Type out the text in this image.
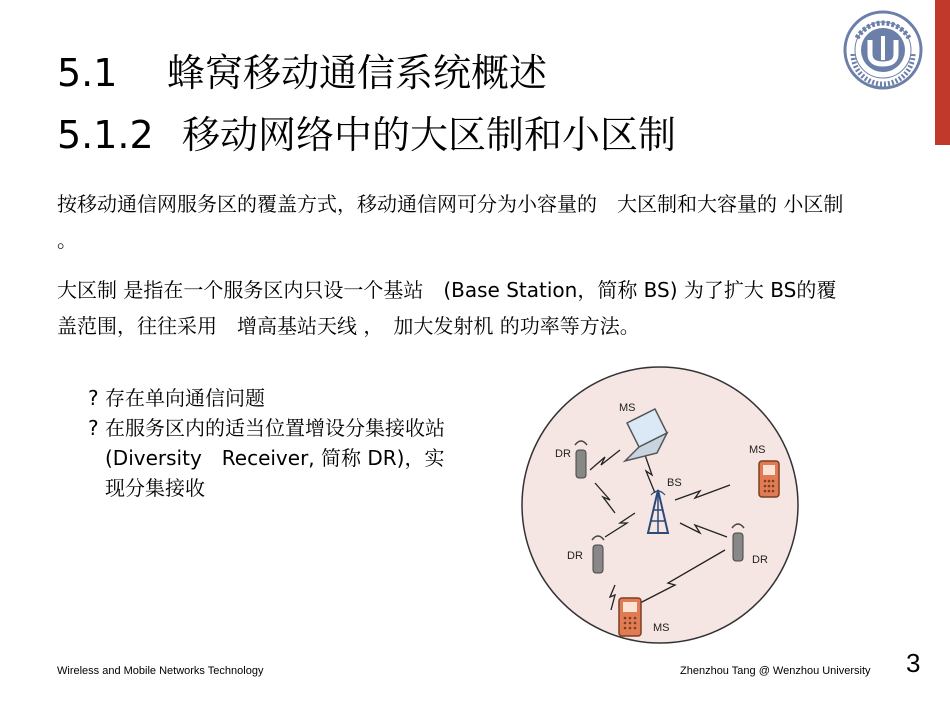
5.1 蜂窝移动通信系统概述
5.1.2 移动网络中的大区制和小区制
按移动通信网服务区的覆盖方式，移动通信网可分为小容量的　大区制和大容量的 小区制 。
大区制 是指在一个服务区内只设一个基站　(Base Station，简称 BS) 为了扩大 BS的覆盖范围，往往采用　增高基站天线 ，　加大发射机 的功率等方法。
? 存在单向通信问题
? 在服务区内的适当位置增设分集接收站 (Diversity　Receiver, 简称 DR)，实现分集接收	BS
MS
DR	MS
DR	DR
MS
Wireless and Mobile Networks Technology	Zhenzhou Tang @ Wenzhou University 3
